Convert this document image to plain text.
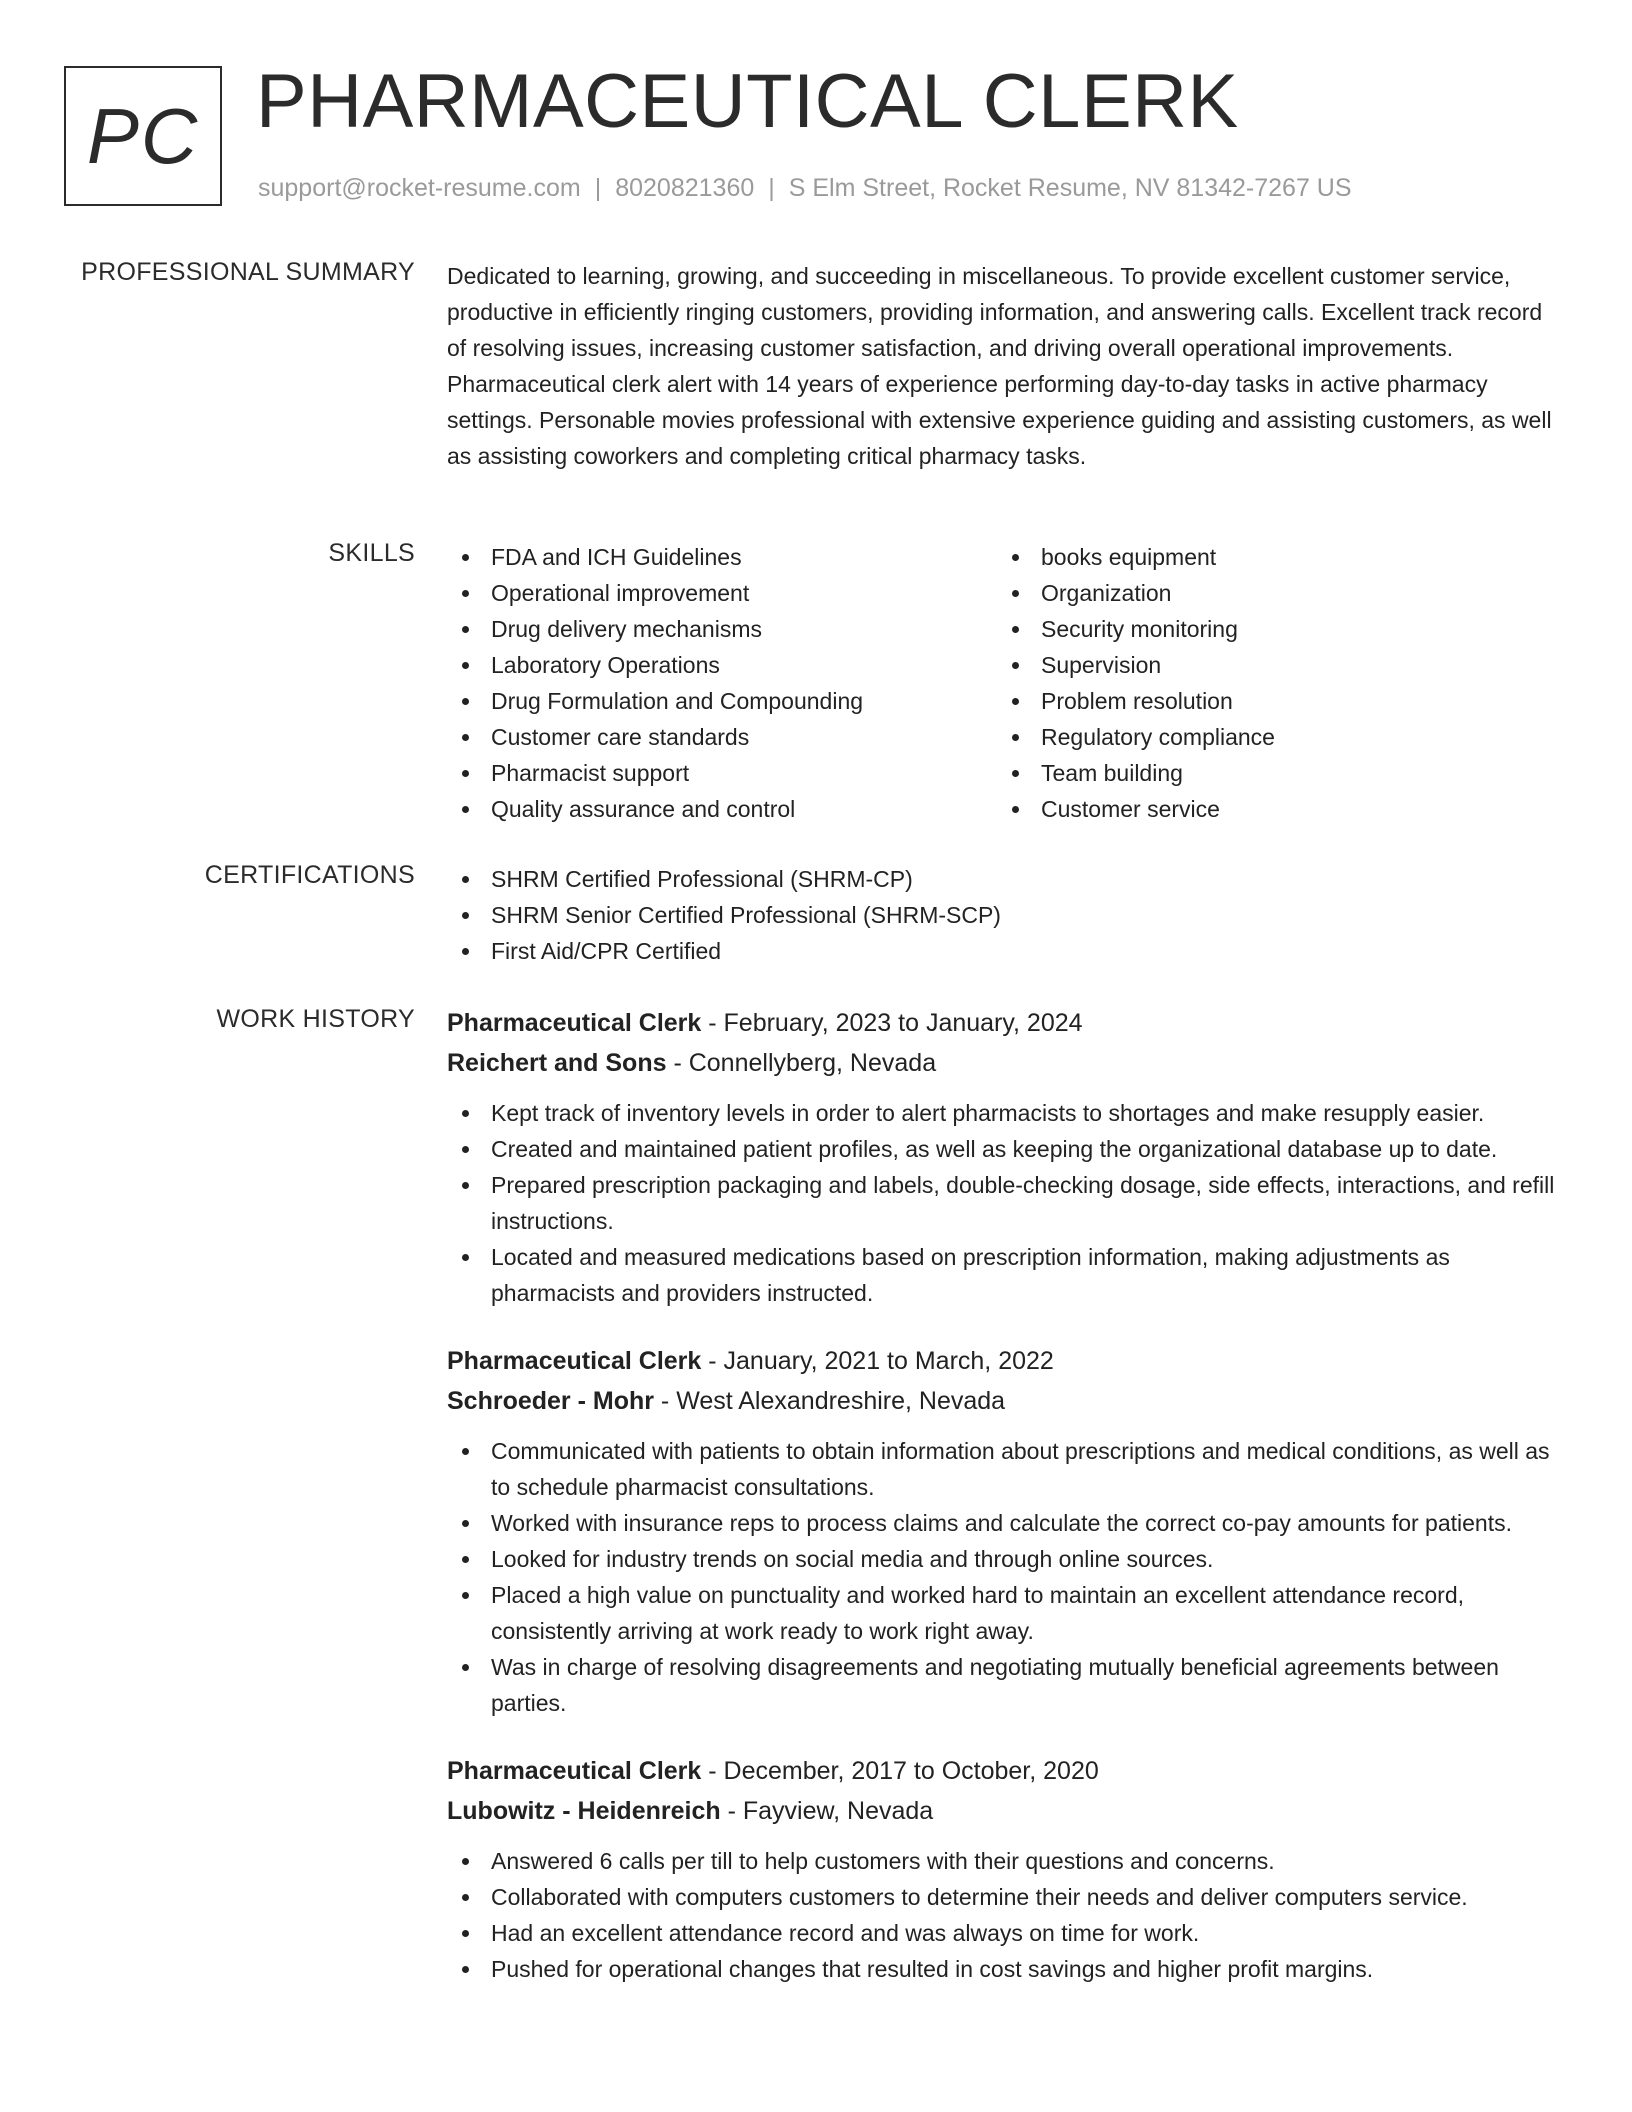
PC PHARMACEUTICAL CLERK
support@rocket-resume.com | 8020821360 | S Elm Street, Rocket Resume, NV 81342-7267 US
PROFESSIONAL SUMMARY Dedicated to learning, growing, and succeeding in miscellaneous. To provide excellent customer service, productive in efficiently ringing customers, providing information, and answering calls. Excellent track record of resolving issues, increasing customer satisfaction, and driving overall operational improvements. Pharmaceutical clerk alert with 14 years of experience performing day-to-day tasks in active pharmacy settings. Personable movies professional with extensive experience guiding and assisting customers, as well as assisting coworkers and completing critical pharmacy tasks.
SKILLS	FDA and ICH Guidelines
Operational improvement
Drug delivery mechanisms
Laboratory Operations
Drug Formulation and Compounding
Customer care standards
Pharmacist support
Quality assurance and control
books equipment
Organization
Security monitoring
Supervision
Problem resolution
Regulatory compliance
Team building
Customer service
CERTIFICATIONS	SHRM Certified Professional (SHRM-CP)
SHRM Senior Certified Professional (SHRM-SCP)
First Aid/CPR Certified
WORK HISTORY Pharmaceutical Clerk - February, 2023 to January, 2024
Reichert and Sons - Connellyberg, Nevada
Kept track of inventory levels in order to alert pharmacists to shortages and make resupply easier.
Created and maintained patient profiles, as well as keeping the organizational database up to date.
Prepared prescription packaging and labels, double-checking dosage, side effects, interactions, and refill instructions.
Located and measured medications based on prescription information, making adjustments as pharmacists and providers instructed.
Pharmaceutical Clerk - January, 2021 to March, 2022
Schroeder - Mohr - West Alexandreshire, Nevada
Communicated with patients to obtain information about prescriptions and medical conditions, as well as to schedule pharmacist consultations.
Worked with insurance reps to process claims and calculate the correct co-pay amounts for patients.
Looked for industry trends on social media and through online sources.
Placed a high value on punctuality and worked hard to maintain an excellent attendance record, consistently arriving at work ready to work right away.
Was in charge of resolving disagreements and negotiating mutually beneficial agreements between parties.
Pharmaceutical Clerk - December, 2017 to October, 2020
Lubowitz - Heidenreich - Fayview, Nevada
Answered 6 calls per till to help customers with their questions and concerns.
Collaborated with computers customers to determine their needs and deliver computers service.
Had an excellent attendance record and was always on time for work.
Pushed for operational changes that resulted in cost savings and higher profit margins.
